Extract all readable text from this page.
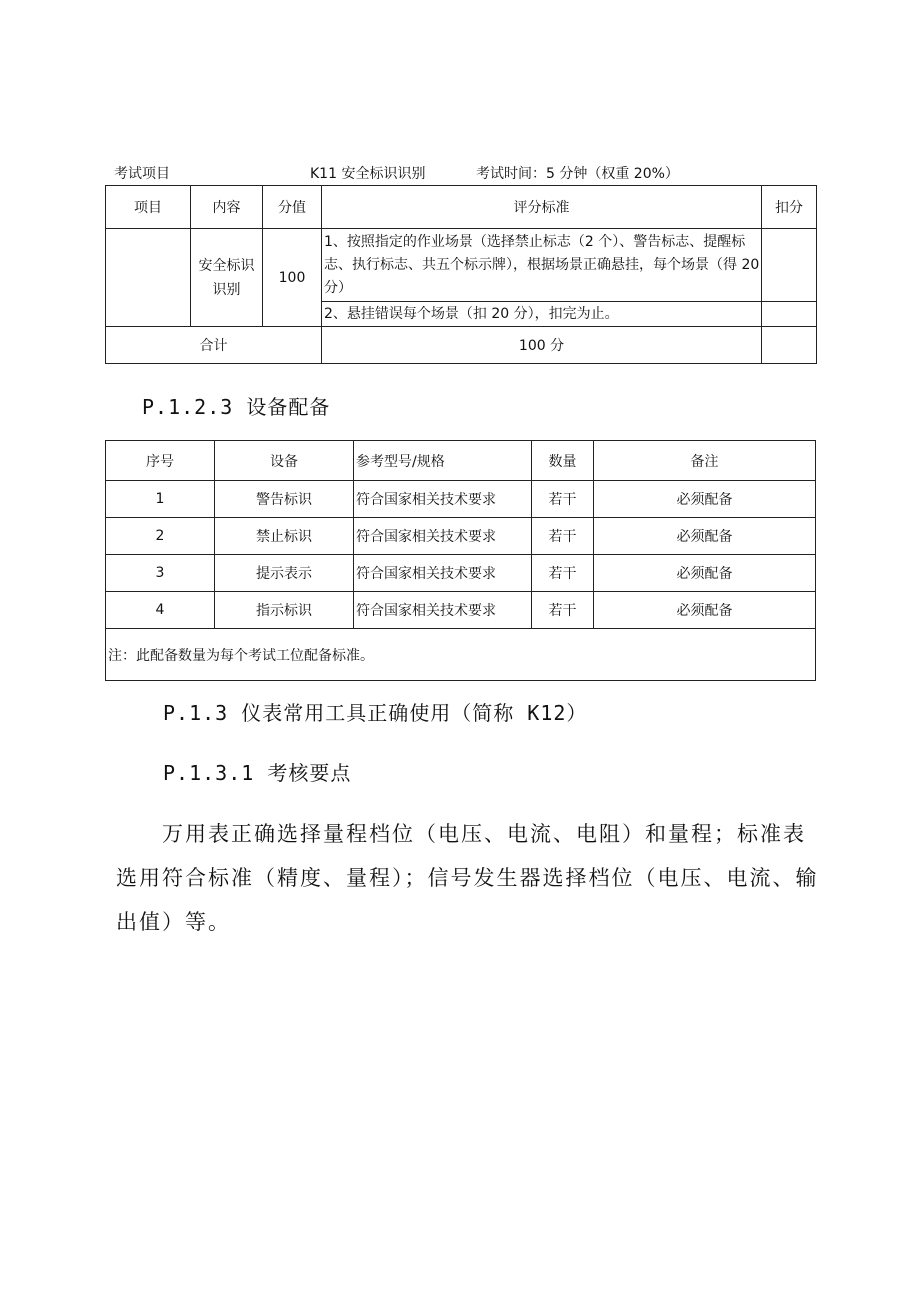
考试项目	K11 安全标识识别	考试时间：5 分钟（权重 20%）
项目	内容	分值	评分标准	扣分
	安全标识识别	100	1、按照指定的作业场景（选择禁止标志（2 个）、警告标志、提醒标志、执行标志、共五个标示牌），根据场景正确悬挂，每个场景（得 20 分）	
			2、悬挂错误每个场景（扣 20 分），扣完为止。	
合计			100 分	
P.1.2.3 设备配备
序号	设备	参考型号/规格	数量	备注
1	警告标识	符合国家相关技术要求	若干	必须配备
2	禁止标识	符合国家相关技术要求	若干	必须配备
3	提示表示	符合国家相关技术要求	若干	必须配备
4	指示标识	符合国家相关技术要求	若干	必须配备
注：此配备数量为每个考试工位配备标准。				
P.1.3 仪表常用工具正确使用（简称 K12）
P.1.3.1 考核要点

万用表正确选择量程档位（电压、电流、电阻）和量程；标准表选用符合标准（精度、量程）；信号发生器选择档位（电压、电流、输出值）等。
